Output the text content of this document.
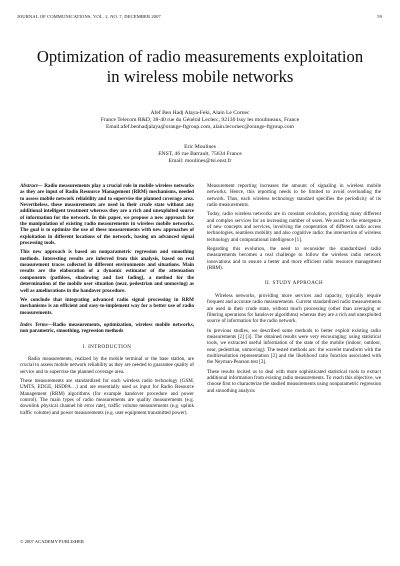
JOURNAL OF COMMUNICATIONS, VOL. 2, NO. 7, DECEMBER 2007	59
Optimization of radio measurements exploitation
in wireless mobile networks
Afef Ben Hadj Alaya-Feki, Alain Le Cornec
France Telecom R&D, 38-40 rue du Général Leclerc, 92130 Issy les moulineaux, France
Email:afef.benhadjalaya@orange-ftgroup.com, alain.lecornec@orange-ftgroup.com
Eric Moulines
ENST, 46 rue Barrault, 75634 France
Email: moulines@tsi.enst.fr

Abstract— Radio measurements play a crucial role in mobile wireless networks as they are input of Radio Resource Management (RRM) mechanisms, needed to assess mobile network reliability and to supervise the planned coverage area. Nevertheless, these measurements are used in their crude state without any additional intelligent treatment whereas they are a rich and unexploited source of information for the network. In this paper, we propose a new approach for the manipulation of existing radio measurements in wireless mobile networks. The goal is to optimize the use of these measurements with new approaches of exploitation in different locations of the network, basing on advanced signal processing tools.

This new approach is based on nonparametric regression and smoothing methods. Interesting results are inferred from this analysis, based on real measurement traces collected in different environments and situations. Main results are the elaboration of a dynamic estimator of the attenuation components (pathloss, shadowing and fast fading), a method for the determination of the mobile user situation (near, pedestrian and unmoving) as well as ameliorations in the handover procedure.

We conclude that integrating advanced radio signal processing in RRM mechanisms is an efficient and easy-to-implement way for a better use of radio measurements.

Index Terms—Radio measurements, optimization, wireless mobile networks, non parametric, smoothing, regression methods

I. INTRODUCTION

Radio measurements, realized by the mobile terminal or the base station, are crucial to assess mobile network reliability as they are needed to guarantee quality of service and to supervise the planned coverage area.

These measurements are standardized for each wireless radio technology (GSM, UMTS, EDGE, HSDPA…) and are essentially used as input for Radio Resource Management (RRM) algorithms (for example handover procedure and power control). The main types of radio measurements are quality measurements (e.g. downlink physical channel bit error rate), traffic volume measurements (e.g. uplink traffic volume) and power measurements (e.g. user equipment transmitted power).

Measurement reporting increases the amount of signaling in wireless mobile networks. Hence, this reporting needs to be limited to avoid overloading the network. Thus, each wireless technology standard specifies the periodicity of its radio measurements.

Today, radio wireless networks are in constant evolution, providing many different and complex services for an increasing number of users. We assist to the emergence of new concepts and services, involving the cooperation of different radio access technologies, seamless mobility and also cognitive radio: the intersection of wireless technology and computational intelligence [1].

Regarding this evolution, the need to reconsider the standardized radio measurements becomes a real challenge to follow the wireless radio network innovations and to ensure a better and more efficient radio resource management (RRM).

II. STUDY APPROACH

Wireless networks, providing more services and capacity, typically require frequent and accurate radio measurements. Current standardized radio measurements are used in their crude state, without much processing (other than averaging or filtering operations for handover algorithms) whereas they are a rich and unexploited source of information for the radio network.

In previous studies, we described some methods to better exploit existing radio measurements [2] [3]. The obtained results were very encouraging: using statistical tools, we extracted useful information of the state of the mobile (indoor, outdoor, near, pedestrian, unmoving). The tested methods are: the wavelet transform with the multiresolution representation [2] and the likelihood ratio function associated with the Neyman-Pearson test [3].

These results incited us to deal with more sophisticated statistical tools to extract additional information from existing radio measurements. To reach this objective, we choose first to characterize the studied measurements using nonparametric regression and smoothing analysis

© 2007 ACADEMY PUBLISHER
